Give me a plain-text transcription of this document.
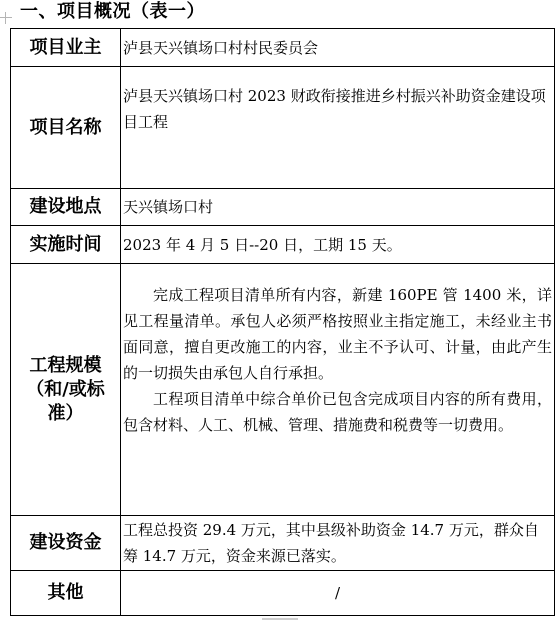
一、项目概况（表一）
项目业主	泸县天兴镇场口村村民委员会
项目名称	泸县天兴镇场口村 2023 财政衔接推进乡村振兴补助资金建设项目工程
建设地点	天兴镇场口村
实施时间	2023 年 4 月 5 日--20 日，工期 15 天。
工程规模（和/或标准）	完成工程项目清单所有内容，新建 160PE 管 1400 米，详见工程量清单。承包人必须严格按照业主指定施工，未经业主书面同意，擅自更改施工的内容，业主不予认可、计量，由此产生的一切损失由承包人自行承担。

工程项目清单中综合单价已包含完成项目内容的所有费用，包含材料、人工、机械、管理、措施费和税费等一切费用。

建设资金	工程总投资 29.4 万元，其中县级补助资金 14.7 万元，群众自筹 14.7 万元，资金来源已落实。
其他	/
